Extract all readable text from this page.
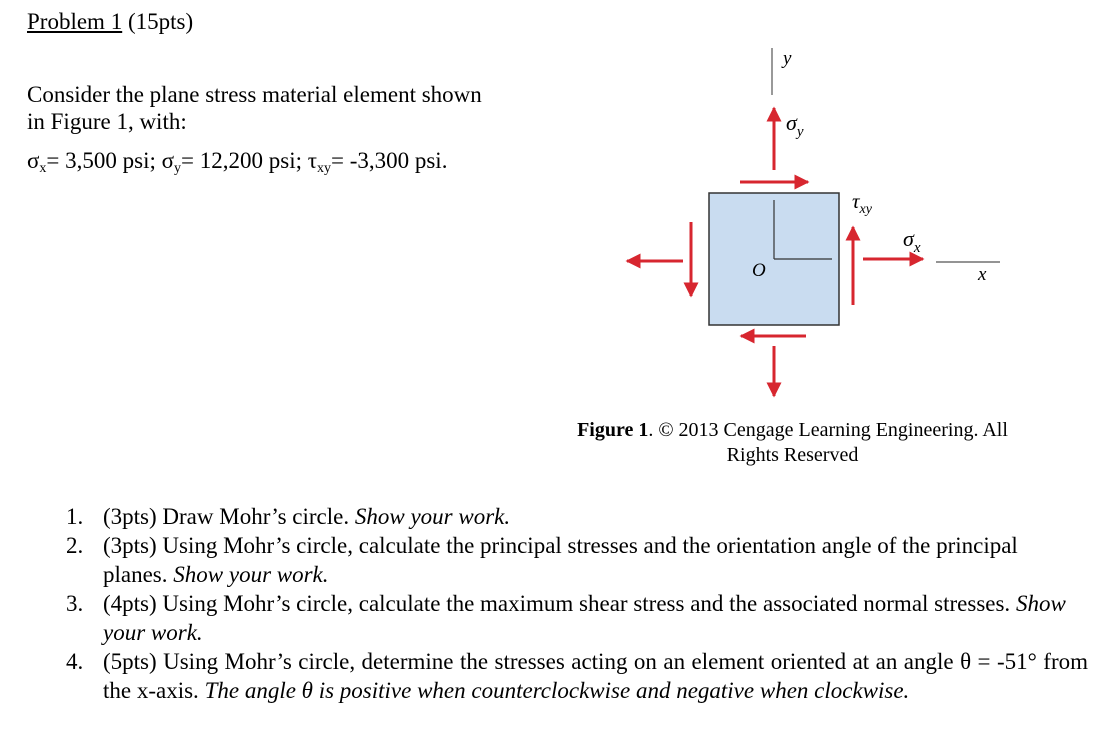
Problem 1 (15pts)
Consider the plane stress material element shown
in Figure 1, with:
$\sigma_x= 3,500$ psi; $\sigma_y= 12,200$ psi; $\tau_{xy}= -3,300$ psi.
y
$\sigma_y$
O
$\tau_{xy}$
$\sigma_x$
x
Figure 1. © 2013 Cengage Learning Engineering. All Rights Reserved
1. (3pts) Draw Mohr’s circle. Show your work.
2. (3pts) Using Mohr’s circle, calculate the principal stresses and the orientation angle of the principal planes. Show your work.
3. (4pts) Using Mohr’s circle, calculate the maximum shear stress and the associated normal stresses. Show your work.
4. (5pts) Using Mohr’s circle, determine the stresses acting on an element oriented at an angle θ = -51° from the x-axis. The angle θ is positive when counterclockwise and negative when clockwise.
